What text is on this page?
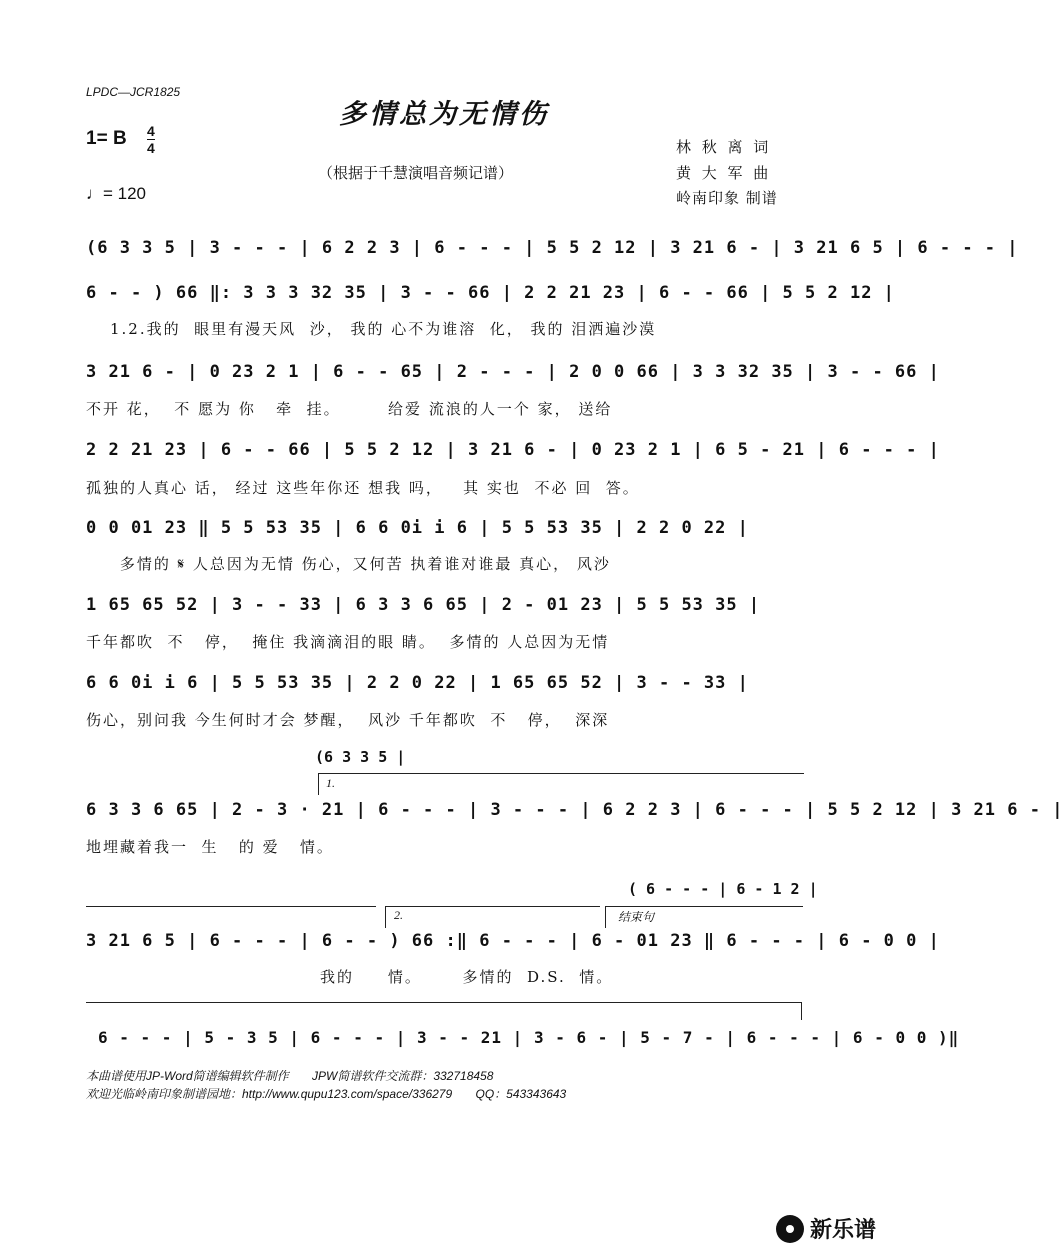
LPDC—JCR1825
多情总为无情伤
1= B 4
4
（根据于千慧演唱音频记谱）
♩= 120
林 秋 离 词
黄 大 军 曲
岭南印象 制谱
(6 3 3 5 | 3 - - - | 6 2 2 3 | 6 - - - | 5 5 2 12 | 3 21 6 - | 3 21 6 5 | 6 - - - |
6 - - ) 66 ‖: 3 3 3 32 35 | 3 - - 66 | 2 2 21 23 | 6 - - 66 | 5 5 2 12 |
1.2.我的  眼里有漫天风  沙， 我的 心不为谁溶  化， 我的 泪洒遍沙漠
3 21 6 - | 0 23 2 1 | 6 - - 65 | 2 - - - | 2 0 0 66 | 3 3 32 35 | 3 - - 66 |
不开 花，  不 愿为 你   牵  挂。       给爱 流浪的人一个 家， 送给
2 2 21 23 | 6 - - 66 | 5 5 2 12 | 3 21 6 - | 0 23 2 1 | 6 5 - 21 | 6 - - - |
孤独的人真心 话， 经过 这些年你还 想我 吗，   其 实也  不必 回  答。
0 0 01 23 ‖ 5 5 53 35 | 6 6 0i i 6 | 5 5 53 35 | 2 2 0 22 |
多情的 𝄋 人总因为无情 伤心，又何苦 执着谁对谁最 真心， 风沙
1 65 65 52 | 3 - - 33 | 6 3 3 6 65 | 2 - 01 23 | 5 5 53 35 |
千年都吹  不   停，  掩住 我滴滴泪的眼 睛。  多情的 人总因为无情
6 6 0i i 6 | 5 5 53 35 | 2 2 0 22 | 1 65 65 52 | 3 - - 33 |
伤心，别问我 今生何时才会 梦醒，  风沙 千年都吹  不   停，  深深
(6 3 3 5 |
1.
6 3 3 6 65 | 2 - 3 · 21 | 6 - - - | 3 - - - | 6 2 2 3 | 6 - - - | 5 5 2 12 | 3 21 6 - |
地埋藏着我一  生   的 爱   情。
( 6 - - - | 6 - 1 2 |
2.	结束句
3 21 6 5 | 6 - - - | 6 - - ) 66 :‖ 6 - - - | 6 - 01 23 ‖ 6 - - - | 6 - 0 0 |
我的     情。      多情的  D.S.  情。
6 - - - | 5 - 3 5 | 6 - - - | 3 - - 21 | 3 - 6 - | 5 - 7 - | 6 - - - | 6 - 0 0 )‖
本曲谱使用JP-Word简谱编辑软件制作       JPW简谱软件交流群：332718458
欢迎光临岭南印象制谱园地：http://www.qupu123.com/space/336279       QQ：543343643
新乐谱
